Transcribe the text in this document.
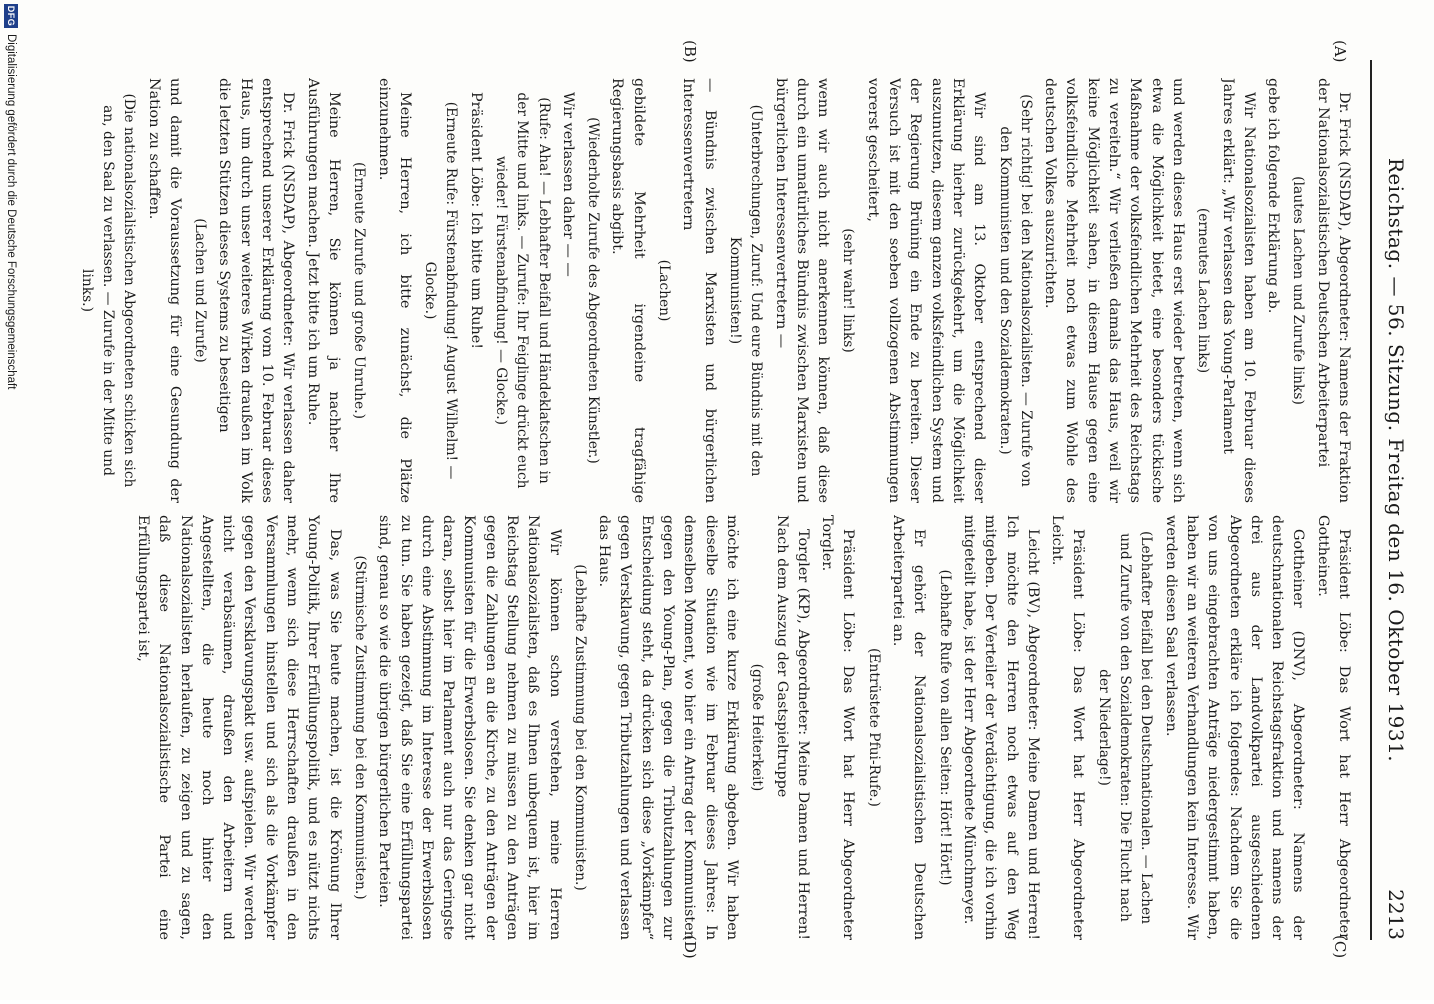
Reichstag. — 56. Sitzung. Freitag den 16. Oktober 1931.
2213
(A)
(B)
(C)
(D)

Dr. Frick (NSDAP), Abgeordneter: Namens der Fraktion der Nationalsozialistischen Deutschen Arbeiterpartei

(lautes Lachen und Zurufe links)

gebe ich folgende Erklärung ab.

Wir Nationalsozialisten haben am 10. Februar dieses Jahres erklärt: „Wir verlassen das Young-Parlament

(erneutes Lachen links)

und werden dieses Haus erst wieder betreten, wenn sich etwa die Möglichkeit bietet, eine besonders tückische Maßnahme der volksfeindlichen Mehrheit des Reichstags zu vereiteln.“ Wir verließen damals das Haus, weil wir keine Möglichkeit sahen, in diesem Hause gegen eine volksfeindliche Mehrheit noch etwas zum Wohle des deutschen Volkes auszurichten.

(Sehr richtig! bei den Nationalsozialisten. — Zurufe von den Kommunisten und den Sozialdemokraten.)

Wir sind am 13. Oktober entsprechend dieser Erklärung hierher zurückgekehrt, um die Möglichkeit auszunutzen, diesem ganzen volksfeindlichen System und der Regierung Brüning ein Ende zu bereiten. Dieser Versuch ist mit den soeben vollzogenen Abstimmungen vorerst gescheitert,

(sehr wahr! links)

wenn wir auch nicht anerkennen können, daß diese durch ein unnatürliches Bündnis zwischen Marxisten und bürgerlichen Interessenvertretern —

(Unterbrechungen, Zuruf: Und eure Bündnis mit den Kommunisten!)

— Bündnis zwischen Marxisten und bürgerlichen Interessenvertretern

(Lachen)

gebildete Mehrheit irgendeine tragfähige Regierungsbasis abgibt.

(Wiederholte Zurufe des Abgeordneten Künstler.)

Wir verlassen daher — —

(Rufe: Aha! — Lebhafter Beifall und Händeklatschen in der Mitte und links. — Zurufe: Ihr Feiglinge drückt euch wieder! Fürstenabfindung! — Glocke.)

Präsident Löbe: Ich bitte um Ruhe!

(Erneute Rufe: Fürstenabfindung! August Wilhelm! — Glocke.)

Meine Herren, ich bitte zunächst, die Plätze einzunehmen.

(Erneute Zurufe und große Unruhe.)

Meine Herren, Sie können ja nachher Ihre Ausführungen machen. Jetzt bitte ich um Ruhe.

Dr. Frick (NSDAP), Abgeordneter: Wir verlassen daher entsprechend unserer Erklärung vom 10. Februar dieses Haus, um durch unser weiteres Wirken draußen im Volk die letzten Stützen dieses Systems zu beseitigen

(Lachen und Zurufe)

und damit die Voraussetzung für eine Gesundung der Nation zu schaffen.

(Die nationalsozialistischen Abgeordneten schicken sich an, den Saal zu verlassen. — Zurufe in der Mitte und links.)

Präsident Löbe: Das Wort hat Herr Abgeordneter Gottheiner.

Gottheiner (DNV), Abgeordneter: Namens der deutschnationalen Reichstagsfraktion und namens der drei aus der Landvolkpartei ausgeschiedenen Abgeordneten erkläre ich folgendes: Nachdem Sie die von uns eingebrachten Anträge niedergestimmt haben, haben wir an weiteren Verhandlungen kein Interesse. Wir werden diesen Saal verlassen.

(Lebhafter Beifall bei den Deutschnationalen. — Lachen und Zurufe von den Sozialdemokraten: Die Flucht nach der Niederlage!)

Präsident Löbe: Das Wort hat Herr Abgeordneter Leicht.

Leicht (BV), Abgeordneter: Meine Damen und Herren! Ich möchte den Herren noch etwas auf den Weg mitgeben. Der Verteiler der Verdächtigung, die ich vorhin mitgeteilt habe, ist der Herr Abgeordnete Münchmeyer.

(Lebhafte Rufe von allen Seiten: Hört! Hört!)

Er gehört der Nationalsozialistischen Deutschen Arbeiterpartei an.

(Entrüstete Pfui-Rufe.)

Präsident Löbe: Das Wort hat Herr Abgeordneter Torgler.

Torgler (KP), Abgeordneter: Meine Damen und Herren! Nach dem Auszug der Gastspieltruppe

(große Heiterkeit)

möchte ich eine kurze Erklärung abgeben. Wir haben dieselbe Situation wie im Februar dieses Jahres: In demselben Moment, wo hier ein Antrag der Kommunisten gegen den Young-Plan, gegen die Tributzahlungen zur Entscheidung steht, da drücken sich diese „Vorkämpfer“ gegen Versklavung, gegen Tributzahlungen und verlassen das Haus.

(Lebhafte Zustimmung bei den Kommunisten.)

Wir können schon verstehen, meine Herren Nationalsozialisten, daß es Ihnen unbequem ist, hier im Reichstag Stellung nehmen zu müssen zu den Anträgen gegen die Zahlungen an die Kirche, zu den Anträgen der Kommunisten für die Erwerbslosen. Sie denken gar nicht daran, selbst hier im Parlament auch nur das Geringste durch eine Abstimmung im Interesse der Erwerbslosen zu tun. Sie haben gezeigt, daß Sie eine Erfüllungspartei sind, genau so wie die übrigen bürgerlichen Parteien.

(Stürmische Zustimmung bei den Kommunisten.)

Das, was Sie heute machen, ist die Krönung Ihrer Young-Politik, Ihrer Erfüllungspolitik, und es nützt nichts mehr, wenn sich diese Herrschaften draußen in den Versammlungen hinstellen und sich als die Vorkämpfer gegen den Versklavungspakt usw. aufspielen. Wir werden nicht verabsäumen, draußen den Arbeitern und Angestellten, die heute noch hinter den Nationalsozialisten herlaufen, zu zeigen und zu sagen, daß diese Nationalsozialistische Partei eine Erfüllungspartei ist,

DFG
Digitalisierung gefördert durch die Deutsche Forschungsgemeinschaft
